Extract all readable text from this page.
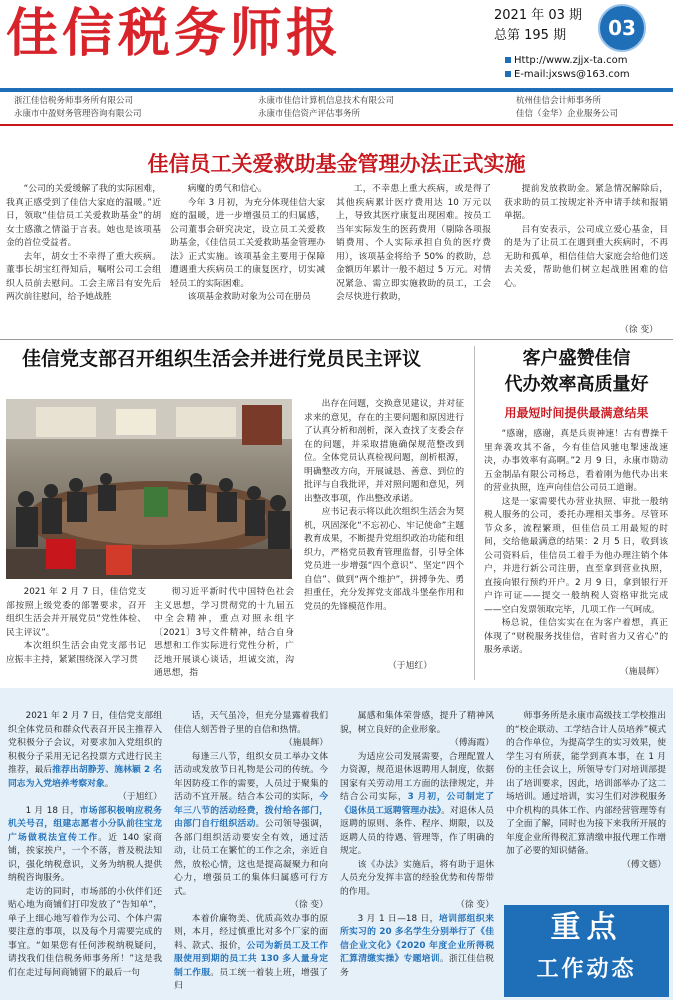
佳信税务师报	2021 年 03 期
总第 195 期	03
Http://www.zjjx-ta.com
E-mail:jxsws@163.com
浙江佳信税务师事务所有限公司
永康市中盈财务管理咨询有限公司
永康市佳信计算机信息技术有限公司
永康市佳信资产评估事务所
杭州佳信会计师事务所
佳信（金华）企业服务公司
佳信员工关爱救助基金管理办法正式实施

“公司的关爱缓解了我的实际困难，我真正感受到了佳信大家庭的温暖。”近日，领取“佳信员工关爱救助基金”的胡女士感激之情溢于言表。她也是该项基金的首位受益者。

去年，胡女士不幸得了重大疾病。董事长胡宝红得知后，嘱咐公司工会组织人员前去慰问。工会主席吕有安先后两次前往慰问，给予她战胜

病魔的勇气和信心。

今年 3 月初，为充分体现佳信大家庭的温暖，进一步增强员工的归属感，公司董事会研究决定，设立员工关爱救助基金，《佳信员工关爱救助基金管理办法》正式实施。该项基金主要用于保障遭遇重大疾病员工的康复医疗，切实减轻员工的实际困难。

该项基金救助对象为公司在册员

工，不幸患上重大疾病，或是得了其他疾病累计医疗费用达 10 万元以上，导致其医疗康复出现困难。按员工当年实际发生的医药费用（剔除各项报销费用、个人实际承担自负的医疗费用），该项基金将给予 50% 的救助，总金额历年累计一般不超过 5 万元。对情况紧急、需立即实施救助的员工，工会会尽快进行救助，

提前发放救助金。紧急情况解除后，获求助的员工按规定补齐申请手续和报销单据。

吕有安表示，公司成立爱心基金，目的是为了让员工在遇到重大疾病时，不再无助和孤单，相信佳信大家庭会给他们送去关爱，帮助他们树立起战胜困难的信心。

（徐 变）
佳信党支部召开组织生活会并进行党员民主评议

2021 年 2 月 7 日，佳信党支部按照上级党委的部署要求，召开组织生活会并开展党员“党性体检、民主评议”。

本次组织生活会由党支部书记应振丰主持，紧紧围绕深入学习贯

彻习近平新时代中国特色社会主义思想，学习贯彻党的十九届五中全会精神，重点对照永组字〔2021〕3号文件精神，结合自身思想和工作实际进行党性分析，广泛地开展谈心谈话，坦诚交流，沟通思想，指

出存在问题，交换意见建议，并对征求来的意见，存在的主要问题和原因进行了认真分析和剖析，深入查找了支委会存在的问题，并采取措施确保规范整改到位。全体党员认真检视问题，剖析根源，明确整改方向，开展诚恳、善意、到位的批评与自我批评，并对照问题和意见，列出整改事项，作出整改承诺。

应书记表示将以此次组织生活会为契机，巩固深化“不忘初心、牢记使命”主题教育成果，不断提升党组织政治功能和组织力，严格党员教育管理监督，引导全体党员进一步增强“四个意识”、坚定“四个自信”、做到“两个维护”，拼搏争先、勇担重任，充分发挥党支部战斗堡垒作用和党员的先锋模范作用。

（于旭红）
客户盛赞佳信
代办效率高质量好
用最短时间提供最满意结果

“感谢，感谢，真是兵贵神速！古有曹操千里奔袭攻其不备，今有佳信风驰电掣速战速决，办事效率有高啊。”2 月 9 日，永康市勋动五金制品有限公司杨总，看着刚为他代办出来的营业执照，连声向佳信公司员工道谢。

这是一家需要代办营业执照、审批一般纳税人服务的公司，委托办理相关事务。尽管环节众多，流程繁琐，但佳信员工用最短的时间，交给他最满意的结果：2 月 5 日，收到该公司资料后，佳信员工着手为他办理注销个体户，并进行新公司注册，直至拿到营业执照，直接向银行预约开户。2 月 9 日，拿到银行开户许可证——提交一般纳税人资格审批完成——空白发票领取完毕，几项工作一气呵成。

杨总说，佳信实实在在为客户着想，真正体现了“财税服务找佳信，省时省力又省心”的服务承诺。

（施晨辉）

2021 年 2 月 7 日，佳信党支部组织全体党员和群众代表召开民主推荐入党积极分子会议，对要求加入党组织的积极分子采用无记名投票方式进行民主推荐，最后推荐出胡静芳、施林颖 2 名同志为入党培养考察对象。

（于旭红）

1 月 18 日，市场部积极响应税务机关号召，组建志愿者小分队前往宝龙广场做税法宣传工作。近 140 家商铺，挨家挨户，一个不落，普及税法知识，强化纳税意识，义务为纳税人提供纳税咨询服务。

走访的同时，市场部的小伙伴们还贴心地为商铺们打印发放了“告知单”，单子上细心地写着作为公司、个体户需要注意的事项，以及每个月需要完成的事宜。“如果您有任何涉税纳税疑问，请找我们佳信税务师事务所！”这是我们在走过每间商铺留下的最后一句

话，天气虽冷，但充分显露着我们佳信人刻苦骨子里的自信和热情。

（施晨辉）

每逢三八节，组织女员工举办文体活动或发放节日礼物是公司的传统。今年因防疫工作的需要，人员过于聚集的活动不宜开展。结合本公司的实际，今年三八节的活动经费，拨付给各部门，由部门自行组织活动。公司领导强调，各部门组织活动要安全有效，通过活动，让员工在繁忙的工作之余，亲近自然，放松心情，这也是提高凝聚力和向心力，增强员工的集体归属感可行方式。

（徐 变）

本着价廉物美、优质高效办事的原则，本月，经过慎重比对多个厂家的面料、款式、报价，公司为新员工及工作服使用到期的员工共 130 多人量身定制工作服。员工统一着装上班，增强了归

属感和集体荣誉感，提升了精神风貌，树立良好的企业形象。

（傅海霞）

为适应公司发展需要，合理配置人力资源，规范退休返聘用人制度，依据国家有关劳动用工方面的法律规定，并结合公司实际，3 月初，公司制定了《退休员工返聘管理办法》。对退休人员返聘的原则、条件、程序、期限，以及返聘人员的待遇、管理等，作了明确的规定。

该《办法》实施后，将有助于退休人员充分发挥丰富的经验优势和传帮带的作用。

（徐 变）

3 月 1 日—18 日，培训部组织来所实习的 20 多名学生分别举行了《佳信企业文化》《2020 年度企业所得税汇算清缴实操》专题培训。浙江佳信税务

师事务所是永康市高级技工学校推出的“校企联动、工学结合计人员培养”模式的合作单位，为提高学生的实习效果，使学生习有所获，能学到真本事，在 1 月份的主任会议上，所领导专门对培训部提出了培训要求，因此，培训部举办了这二场培训。通过培训，实习生们对涉税服务中介机构的具体工作、内部经营管理等有了全面了解，同时也为接下来我所开展的年度企业所得税汇算清缴申报代理工作增加了必要的知识储备。

（傅文德）
重点
工作动态
